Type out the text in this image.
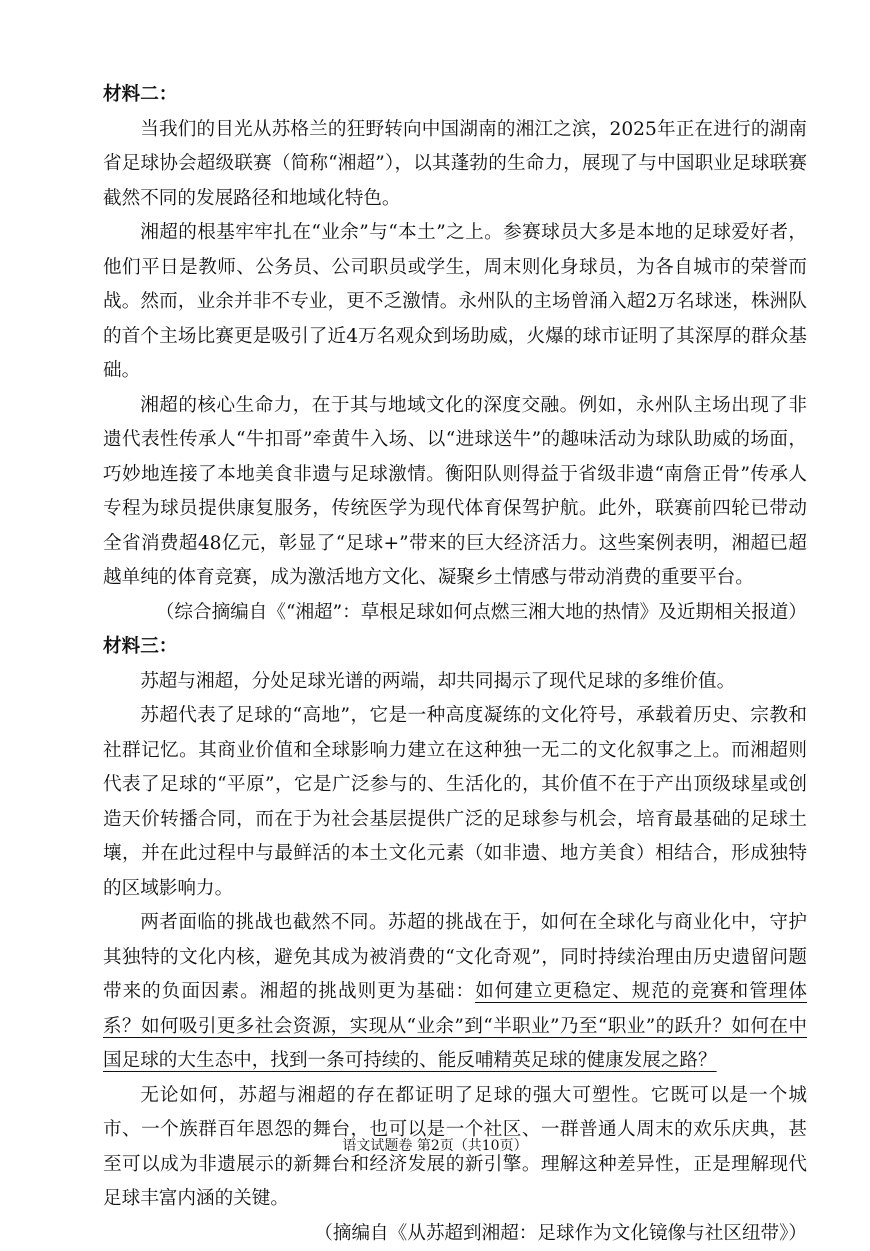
材料二：

当我们的目光从苏格兰的狂野转向中国湖南的湘江之滨，2025年正在进行的湖南省足球协会超级联赛（简称“湘超”），以其蓬勃的生命力，展现了与中国职业足球联赛截然不同的发展路径和地域化特色。

湘超的根基牢牢扎在“业余”与“本土”之上。参赛球员大多是本地的足球爱好者，他们平日是教师、公务员、公司职员或学生，周末则化身球员，为各自城市的荣誉而战。然而，业余并非不专业，更不乏激情。永州队的主场曾涌入超2万名球迷，株洲队的首个主场比赛更是吸引了近4万名观众到场助威，火爆的球市证明了其深厚的群众基础。

湘超的核心生命力，在于其与地域文化的深度交融。例如，永州队主场出现了非遗代表性传承人“牛扣哥”牵黄牛入场、以“进球送牛”的趣味活动为球队助威的场面，巧妙地连接了本地美食非遗与足球激情。衡阳队则得益于省级非遗“南詹正骨”传承人专程为球员提供康复服务，传统医学为现代体育保驾护航。此外，联赛前四轮已带动全省消费超48亿元，彰显了“足球+”带来的巨大经济活力。这些案例表明，湘超已超越单纯的体育竞赛，成为激活地方文化、凝聚乡土情感与带动消费的重要平台。

（综合摘编自《“湘超”：草根足球如何点燃三湘大地的热情》及近期相关报道）

材料三：

苏超与湘超，分处足球光谱的两端，却共同揭示了现代足球的多维价值。

苏超代表了足球的“高地”，它是一种高度凝练的文化符号，承载着历史、宗教和社群记忆。其商业价值和全球影响力建立在这种独一无二的文化叙事之上。而湘超则代表了足球的“平原”，它是广泛参与的、生活化的，其价值不在于产出顶级球星或创造天价转播合同，而在于为社会基层提供广泛的足球参与机会，培育最基础的足球土壤，并在此过程中与最鲜活的本土文化元素（如非遗、地方美食）相结合，形成独特的区域影响力。

两者面临的挑战也截然不同。苏超的挑战在于，如何在全球化与商业化中，守护其独特的文化内核，避免其成为被消费的“文化奇观”，同时持续治理由历史遗留问题带来的负面因素。湘超的挑战则更为基础：如何建立更稳定、规范的竞赛和管理体系？如何吸引更多社会资源，实现从“业余”到“半职业”乃至“职业”的跃升？如何在中国足球的大生态中，找到一条可持续的、能反哺精英足球的健康发展之路？

无论如何，苏超与湘超的存在都证明了足球的强大可塑性。它既可以是一个城市、一个族群百年恩怨的舞台，也可以是一个社区、一群普通人周末的欢乐庆典，甚至可以成为非遗展示的新舞台和经济发展的新引擎。理解这种差异性，正是理解现代足球丰富内涵的关键。

（摘编自《从苏超到湘超：足球作为文化镜像与社区纽带》）

语文试题卷 第2页（共10页）
